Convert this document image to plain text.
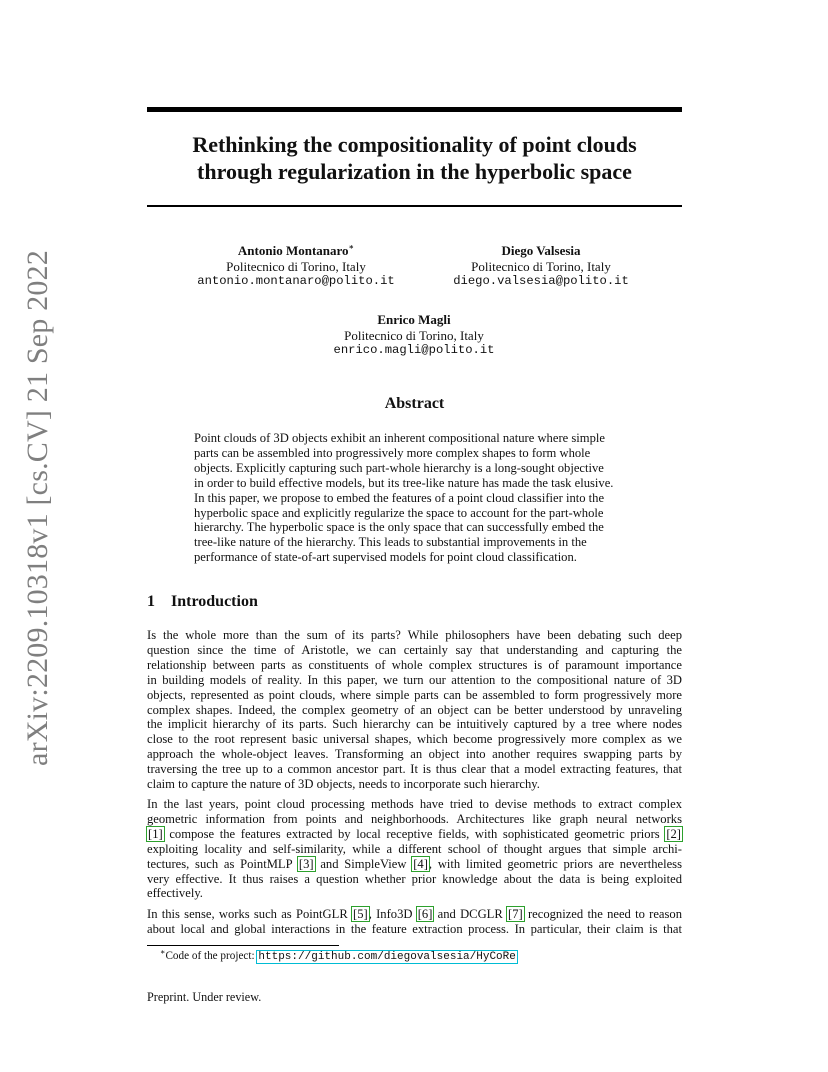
arXiv:2209.10318v1 [cs.CV] 21 Sep 2022
Rethinking the compositionality of point clouds
through regularization in the hyperbolic space
Antonio Montanaro∗
Politecnico di Torino, Italy
antonio.montanaro@polito.it
Diego Valsesia
Politecnico di Torino, Italy
diego.valsesia@polito.it
Enrico Magli
Politecnico di Torino, Italy
enrico.magli@polito.it
Abstract
Point clouds of 3D objects exhibit an inherent compositional nature where simple
parts can be assembled into progressively more complex shapes to form whole
objects. Explicitly capturing such part-whole hierarchy is a long-sought objective
in order to build effective models, but its tree-like nature has made the task elusive.
In this paper, we propose to embed the features of a point cloud classifier into the
hyperbolic space and explicitly regularize the space to account for the part-whole
hierarchy. The hyperbolic space is the only space that can successfully embed the
tree-like nature of the hierarchy. This leads to substantial improvements in the
performance of state-of-art supervised models for point cloud classification.
1 Introduction
Is the whole more than the sum of its parts? While philosophers have been debating such deep
question since the time of Aristotle, we can certainly say that understanding and capturing the
relationship between parts as constituents of whole complex structures is of paramount importance
in building models of reality. In this paper, we turn our attention to the compositional nature of 3D
objects, represented as point clouds, where simple parts can be assembled to form progressively more
complex shapes. Indeed, the complex geometry of an object can be better understood by unraveling
the implicit hierarchy of its parts. Such hierarchy can be intuitively captured by a tree where nodes
close to the root represent basic universal shapes, which become progressively more complex as we
approach the whole-object leaves. Transforming an object into another requires swapping parts by
traversing the tree up to a common ancestor part. It is thus clear that a model extracting features, that
claim to capture the nature of 3D objects, needs to incorporate such hierarchy.
In the last years, point cloud processing methods have tried to devise methods to extract complex
geometric information from points and neighborhoods. Architectures like graph neural networks
[1] compose the features extracted by local receptive fields, with sophisticated geometric priors [2]
exploiting locality and self-similarity, while a different school of thought argues that simple archi-
tectures, such as PointMLP [3] and SimpleView [4], with limited geometric priors are nevertheless
very effective. It thus raises a question whether prior knowledge about the data is being exploited
effectively.
In this sense, works such as PointGLR [5], Info3D [6] and DCGLR [7] recognized the need to reason
about local and global interactions in the feature extraction process. In particular, their claim is that
∗Code of the project: https://github.com/diegovalsesia/HyCoRe
Preprint. Under review.
